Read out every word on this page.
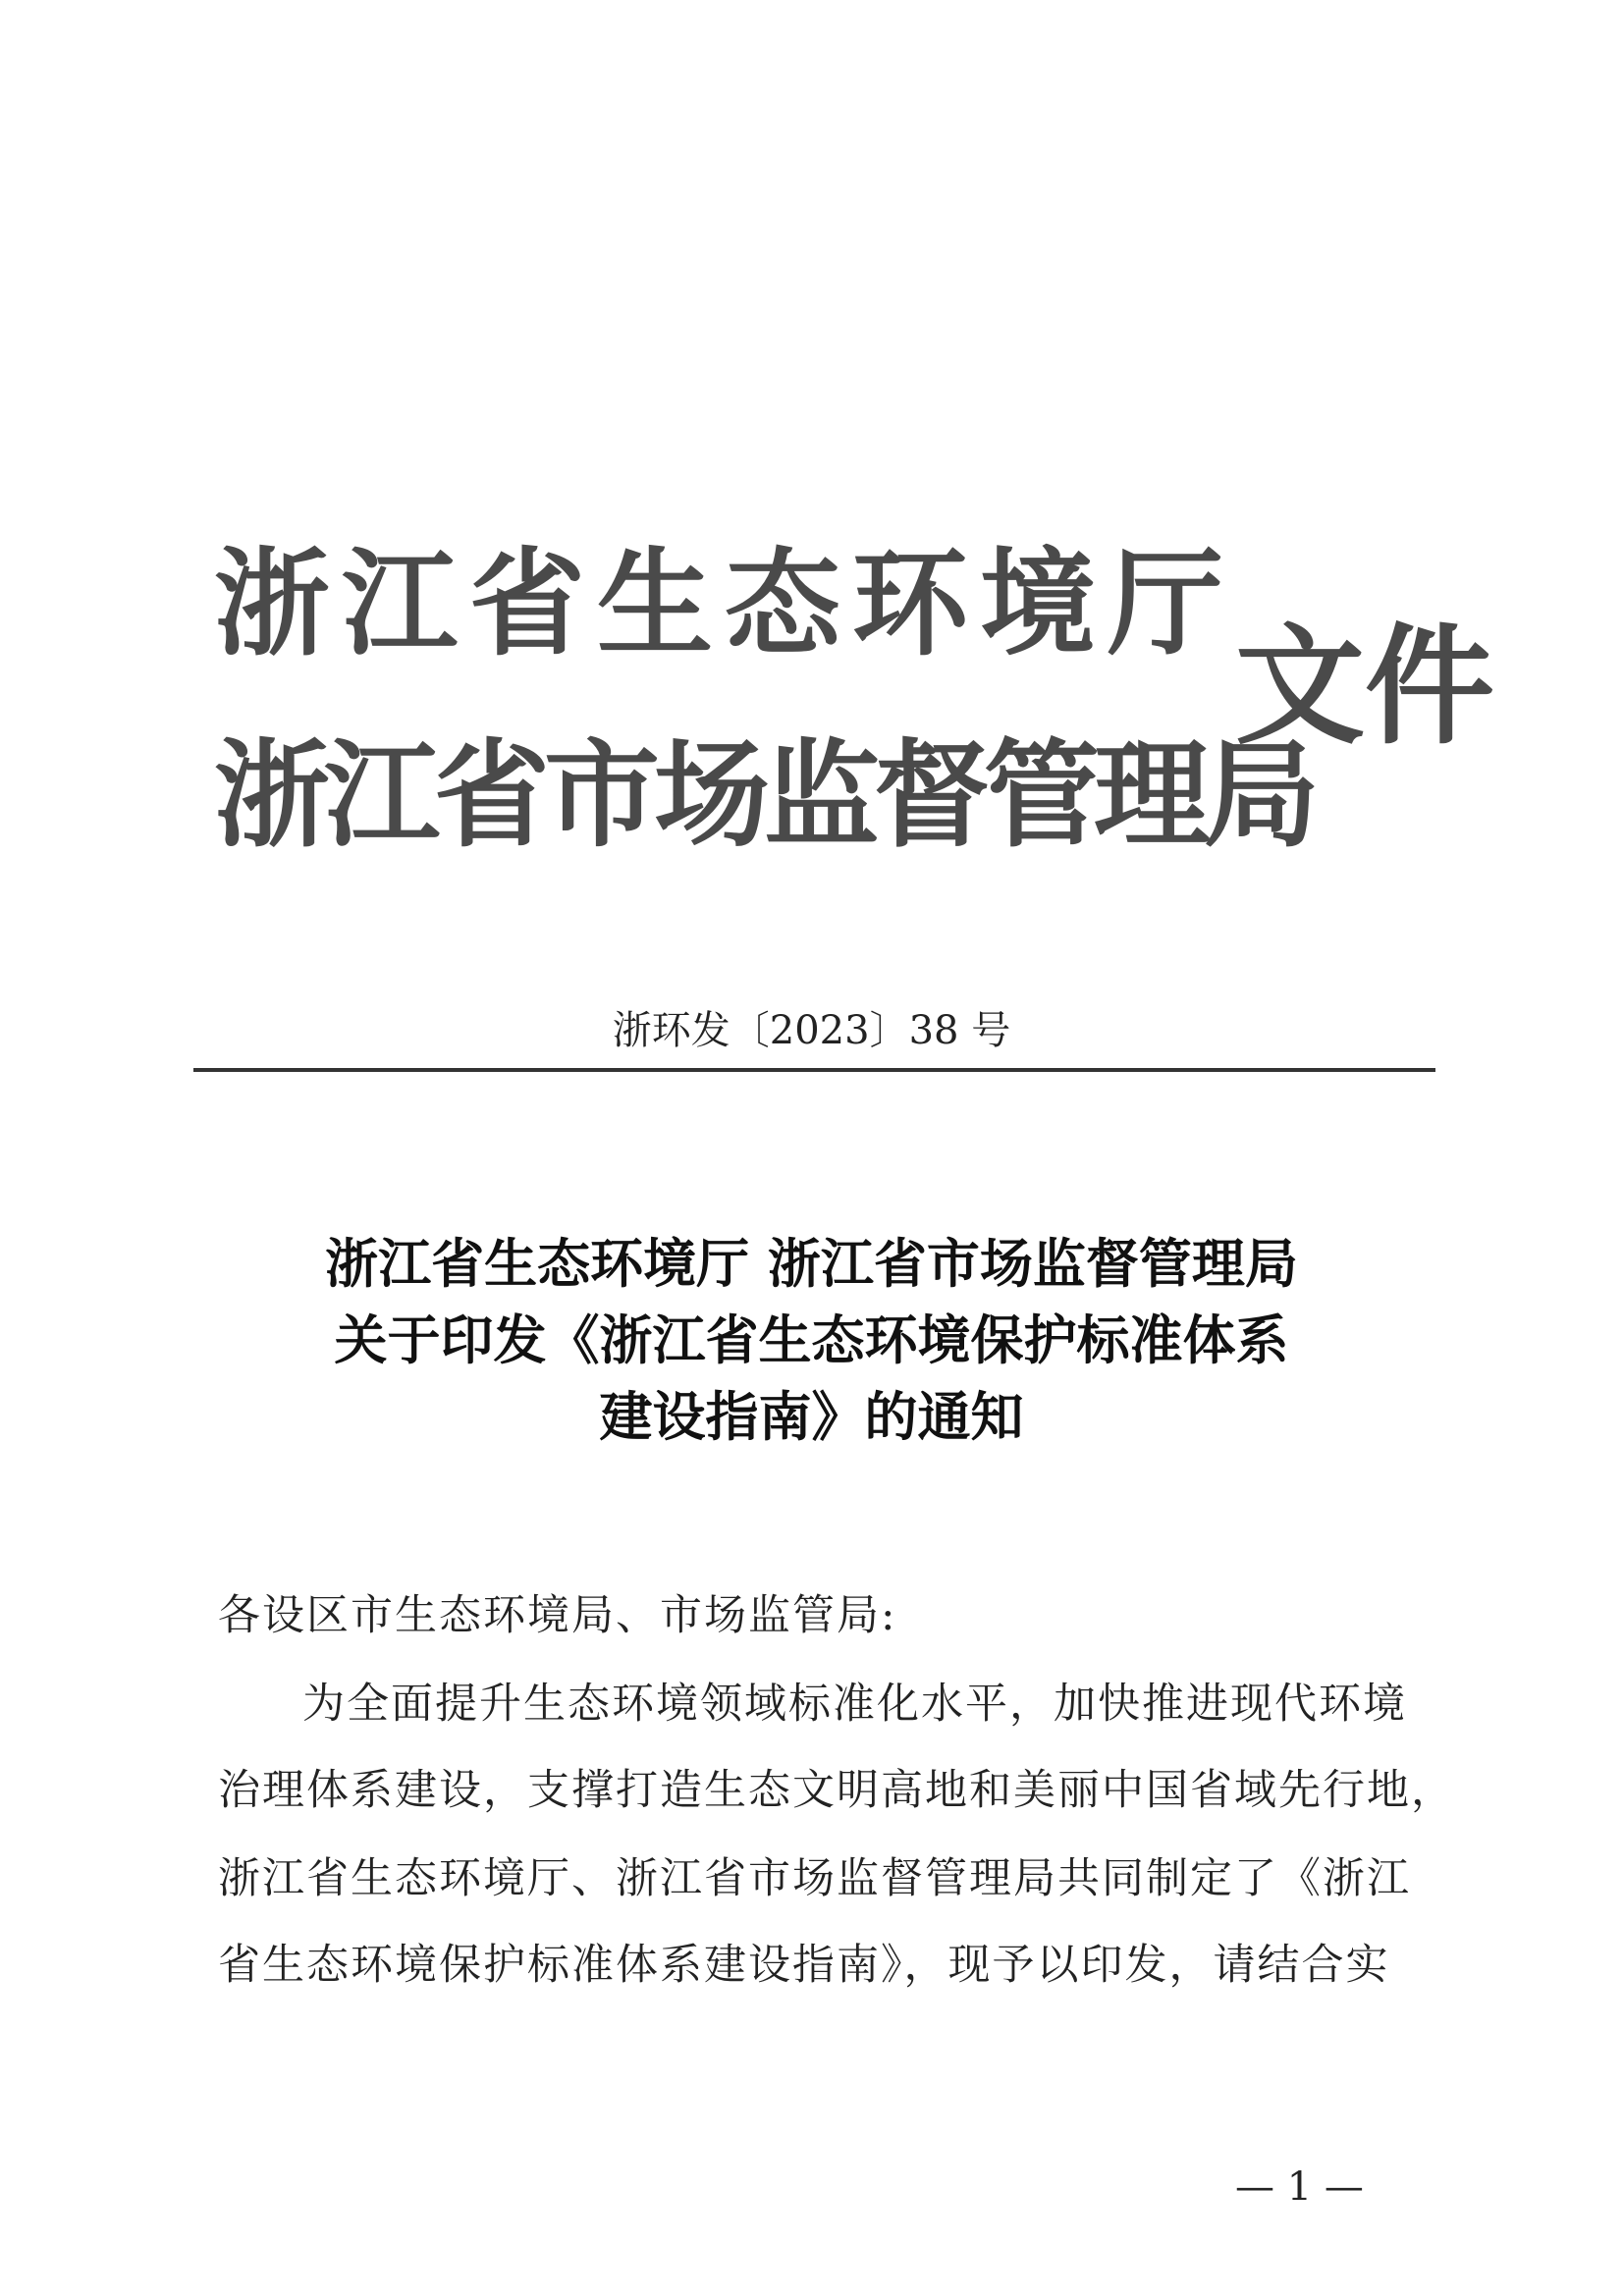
浙江省生态环境厅
浙江省市场监督管理局
文件
浙环发〔2023〕38 号
浙江省生态环境厅 浙江省市场监督管理局
关于印发《浙江省生态环境保护标准体系
建设指南》的通知
各设区市生态环境局、市场监管局:
为全面提升生态环境领域标准化水平，加快推进现代环境
治理体系建设，支撑打造生态文明高地和美丽中国省域先行地，
浙江省生态环境厅、浙江省市场监督管理局共同制定了《浙江
省生态环境保护标准体系建设指南》，现予以印发，请结合实
— 1 —
